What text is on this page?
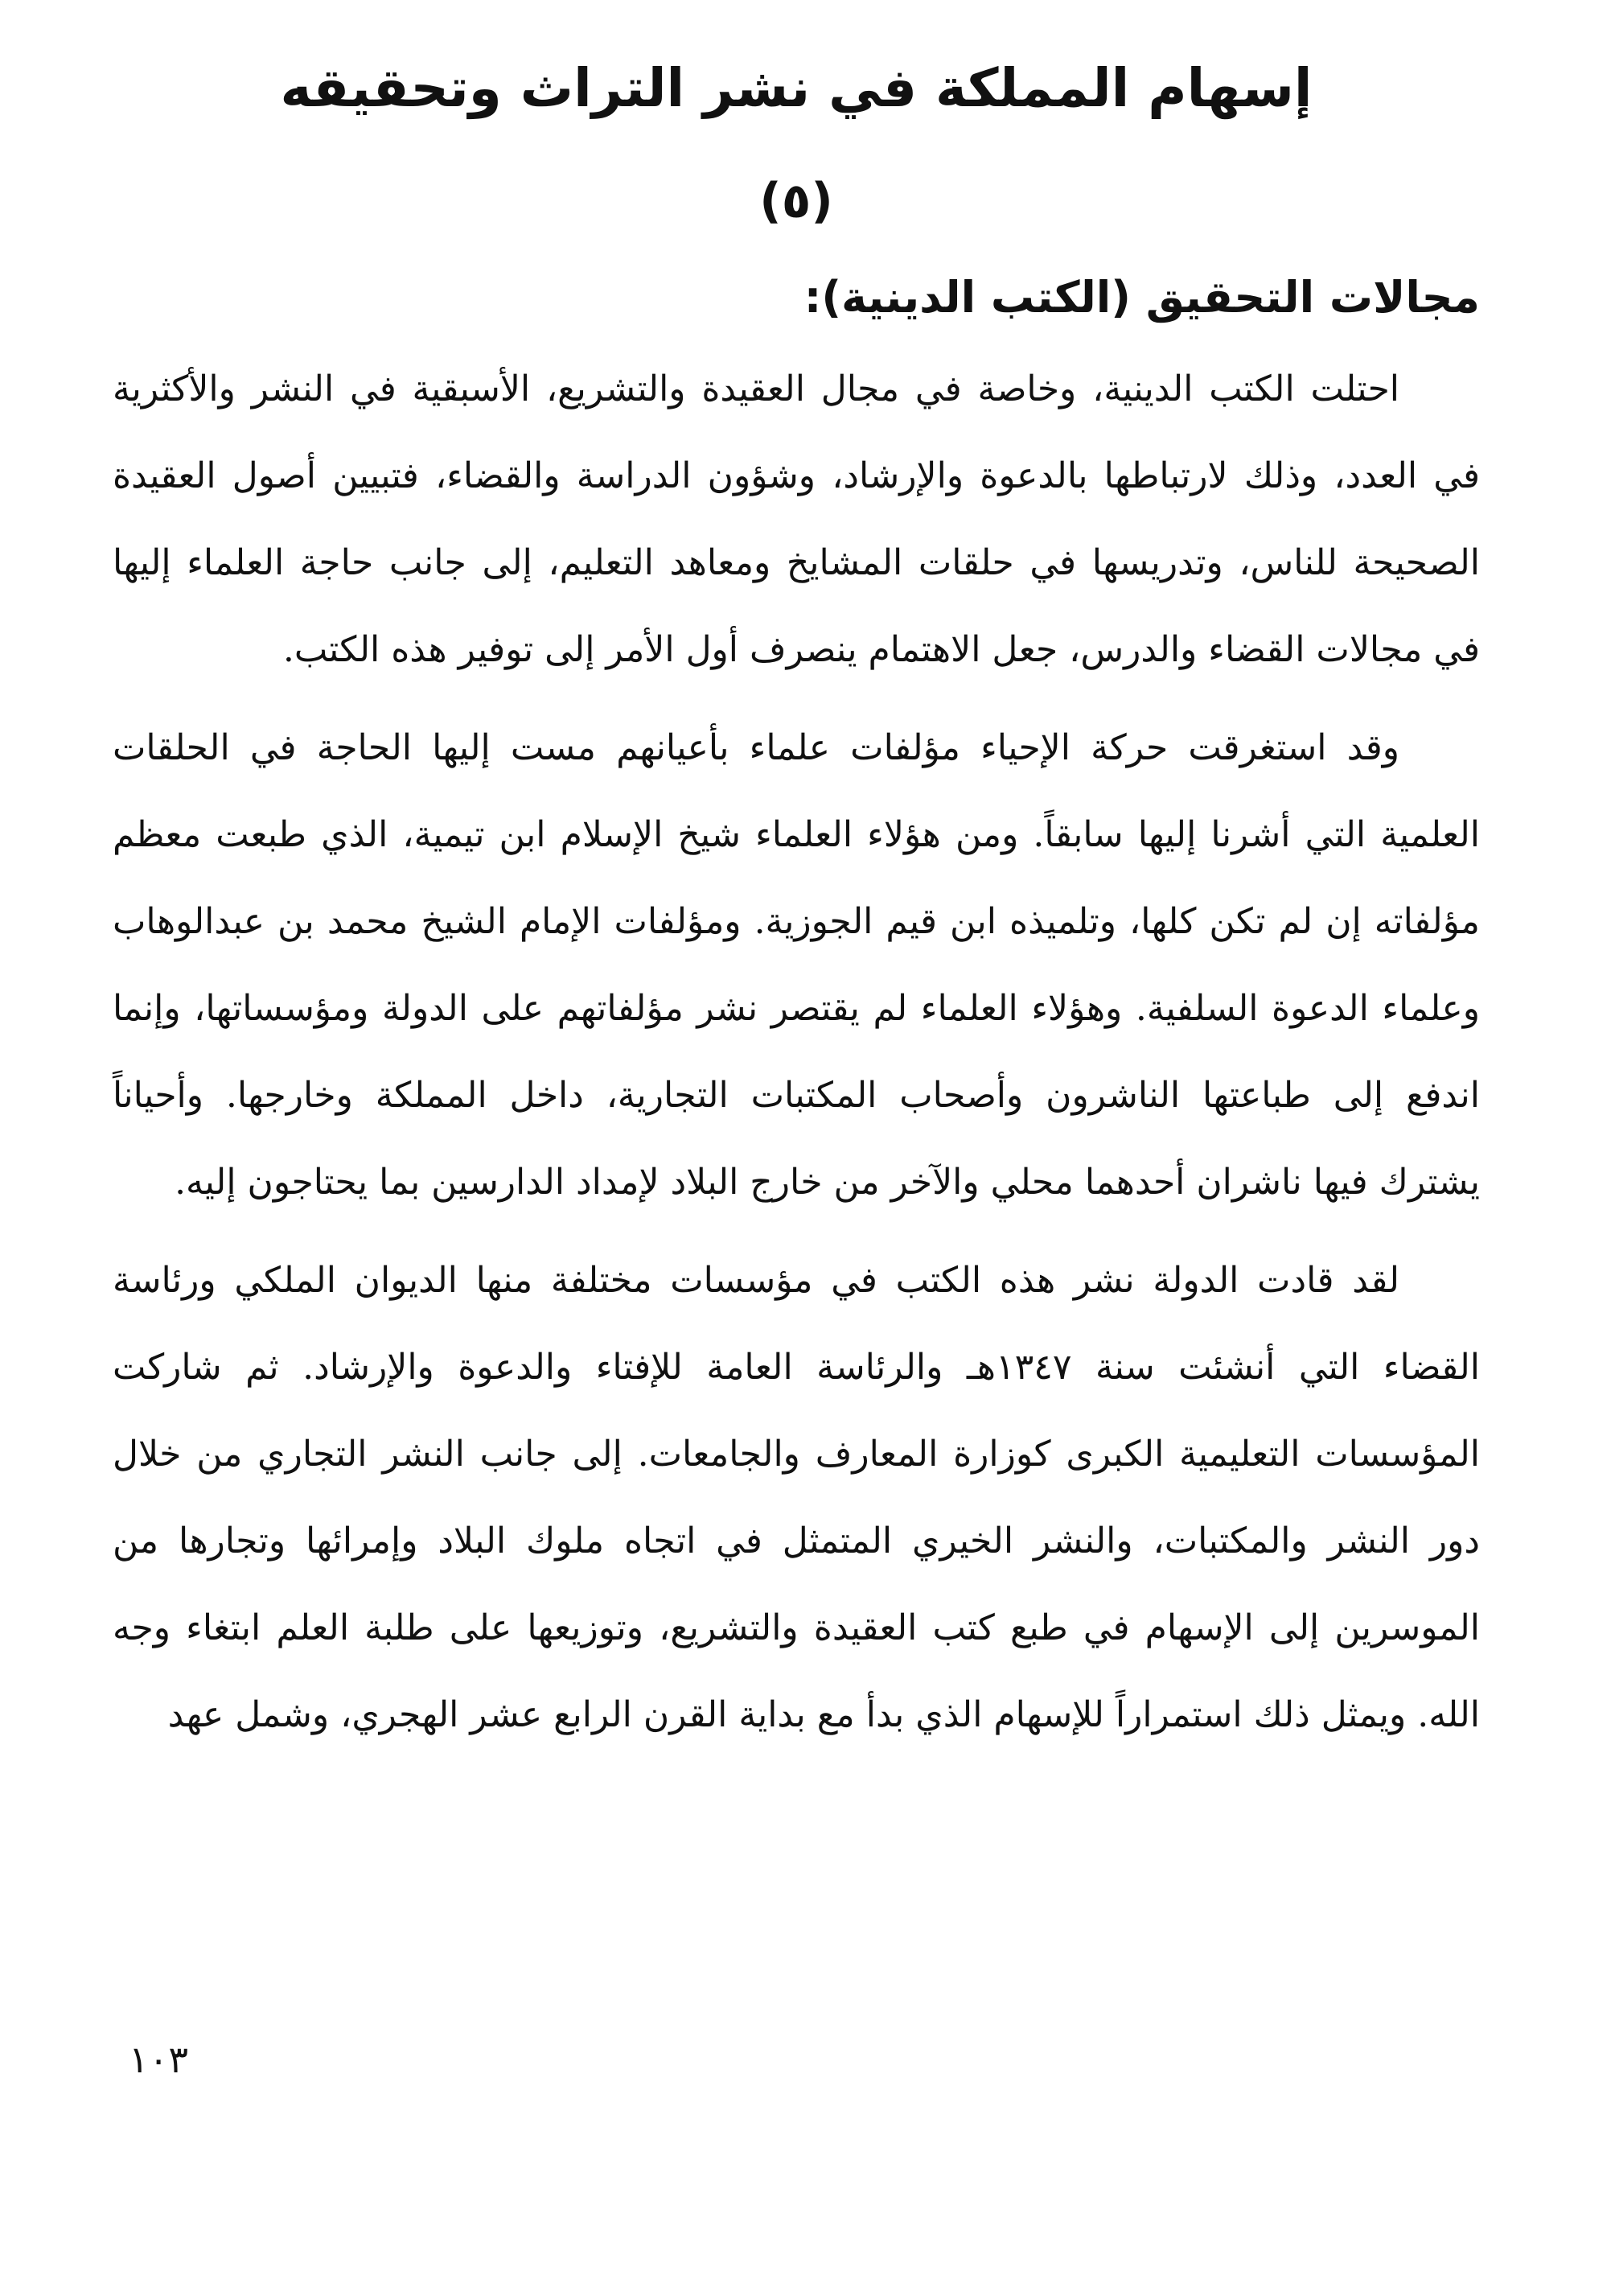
إسهام المملكة في نشر التراث وتحقيقه
(٥)
مجالات التحقيق (الكتب الدينية):

احتلت الكتب الدينية، وخاصة في مجال العقيدة والتشريع، الأسبقية في النشر والأكثرية في العدد، وذلك لارتباطها بالدعوة والإرشاد، وشؤون الدراسة والقضاء، فتبيين أصول العقيدة الصحيحة للناس، وتدريسها في حلقات المشايخ ومعاهد التعليم، إلى جانب حاجة العلماء إليها في مجالات القضاء والدرس، جعل الاهتمام ينصرف أول الأمر إلى توفير هذه الكتب.

وقد استغرقت حركة الإحياء مؤلفات علماء بأعيانهم مست إليها الحاجة في الحلقات العلمية التي أشرنا إليها سابقاً. ومن هؤلاء العلماء شيخ الإسلام ابن تيمية، الذي طبعت معظم مؤلفاته إن لم تكن كلها، وتلميذه ابن قيم الجوزية. ومؤلفات الإمام الشيخ محمد بن عبدالوهاب وعلماء الدعوة السلفية. وهؤلاء العلماء لم يقتصر نشر مؤلفاتهم على الدولة ومؤسساتها، وإنما اندفع إلى طباعتها الناشرون وأصحاب المكتبات التجارية، داخل المملكة وخارجها. وأحياناً يشترك فيها ناشران أحدهما محلي والآخر من خارج البلاد لإمداد الدارسين بما يحتاجون إليه.

لقد قادت الدولة نشر هذه الكتب في مؤسسات مختلفة منها الديوان الملكي ورئاسة القضاء التي أنشئت سنة ١٣٤٧هـ والرئاسة العامة للإفتاء والدعوة والإرشاد. ثم شاركت المؤسسات التعليمية الكبرى كوزارة المعارف والجامعات. إلى جانب النشر التجاري من خلال دور النشر والمكتبات، والنشر الخيري المتمثل في اتجاه ملوك البلاد وإمرائها وتجارها من الموسرين إلى الإسهام في طبع كتب العقيدة والتشريع، وتوزيعها على طلبة العلم ابتغاء وجه الله. ويمثل ذلك استمراراً للإسهام الذي بدأ مع بداية القرن الرابع عشر الهجري، وشمل عهد

١٠٣
